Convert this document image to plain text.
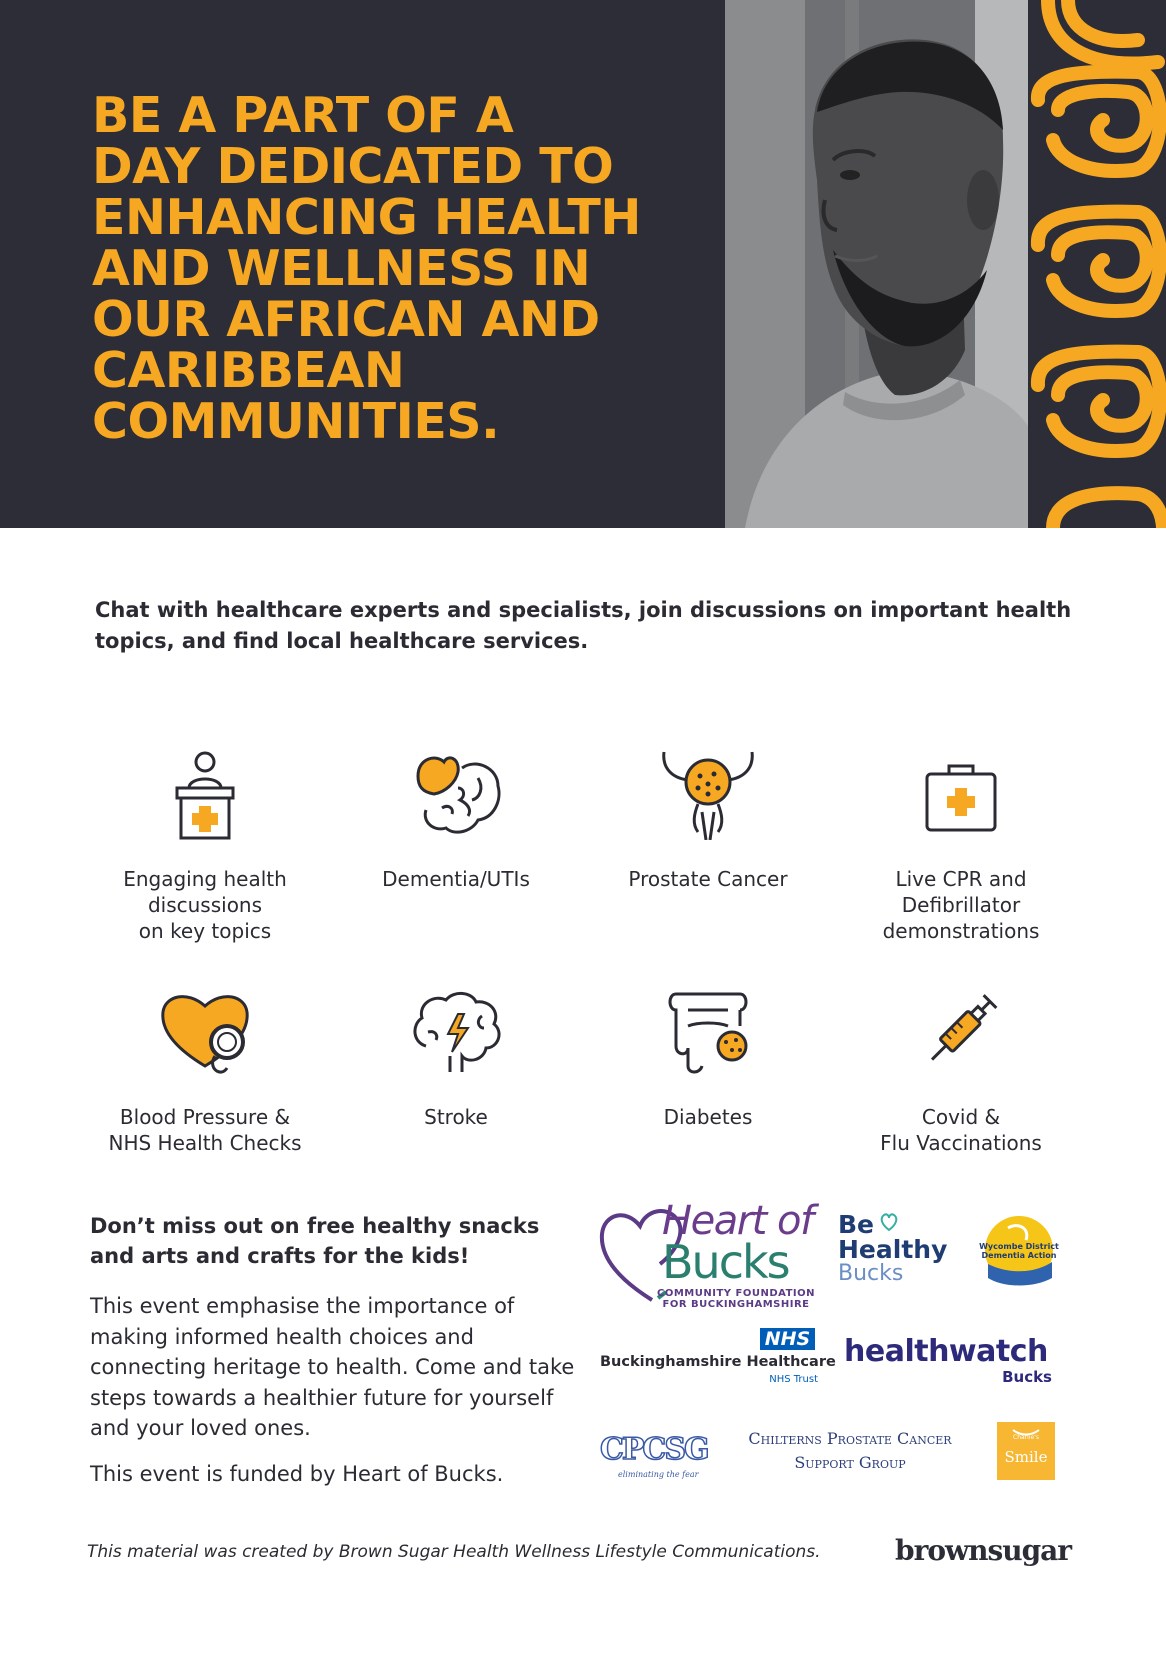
BE A PART OF A
DAY DEDICATED TO
ENHANCING HEALTH
AND WELLNESS IN
OUR AFRICAN AND
CARIBBEAN
COMMUNITIES.

Chat with healthcare experts and specialists, join discussions on important health topics, and find local healthcare services.

Engaging health
discussions
on key topics
Dementia/UTIs	Prostate Cancer	Live CPR and
Defibrillator
demonstrations
Blood Pressure &
NHS Health Checks
Stroke	Diabetes	Covid &
Flu Vaccinations

Don’t miss out on free healthy snacks and arts and crafts for the kids!

This event emphasise the importance of making informed health choices and connecting heritage to health. Come and take steps towards a healthier future for yourself and your loved ones.

This event is funded by Heart of Bucks.

Heart of
Bucks
COMMUNITY FOUNDATION
FOR BUCKINGHAMSHIRE
Be
Healthy
Bucks
Wycombe District
Dementia Action
NHS
Buckinghamshire Healthcare
NHS Trust
healthwatch
Bucks
CPCSG
eliminating the fear
Chilterns Prostate Cancer
Support Group
Charlie's
Smile

This material was created by Brown Sugar Health Wellness Lifestyle Communications.	brownsugar
